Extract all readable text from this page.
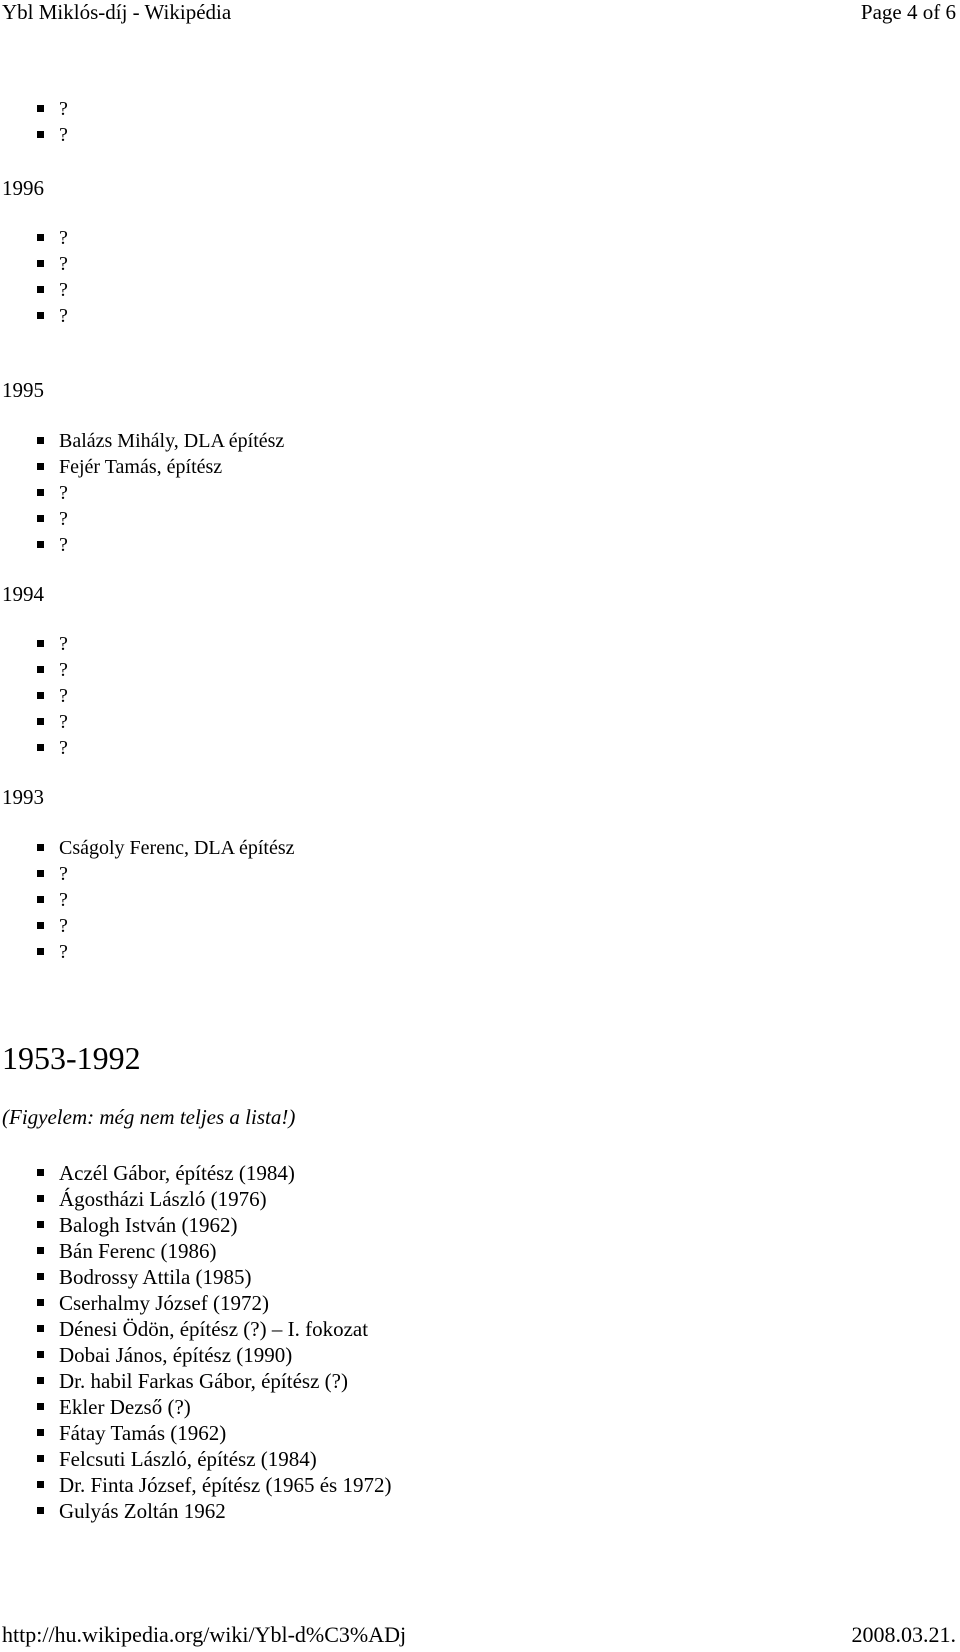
Ybl Miklós-díj - Wikipédia	Page 4 of 6
?
?
1996
?
?
?
?
1995
Balázs Mihály, DLA építész
Fejér Tamás, építész
?
?
?
1994
?
?
?
?
?
1993
Cságoly Ferenc, DLA építész
?
?
?
?
1953-1992
(Figyelem: még nem teljes a lista!)
Aczél Gábor, építész (1984)
Ágostházi László (1976)
Balogh István (1962)
Bán Ferenc (1986)
Bodrossy Attila (1985)
Cserhalmy József (1972)
Dénesi Ödön, építész (?) – I. fokozat
Dobai János, építész (1990)
Dr. habil Farkas Gábor, építész (?)
Ekler Dezső (?)
Fátay Tamás (1962)
Felcsuti László, építész (1984)
Dr. Finta József, építész (1965 és 1972)
Gulyás Zoltán 1962
http://hu.wikipedia.org/wiki/Ybl-d%C3%ADj	2008.03.21.
